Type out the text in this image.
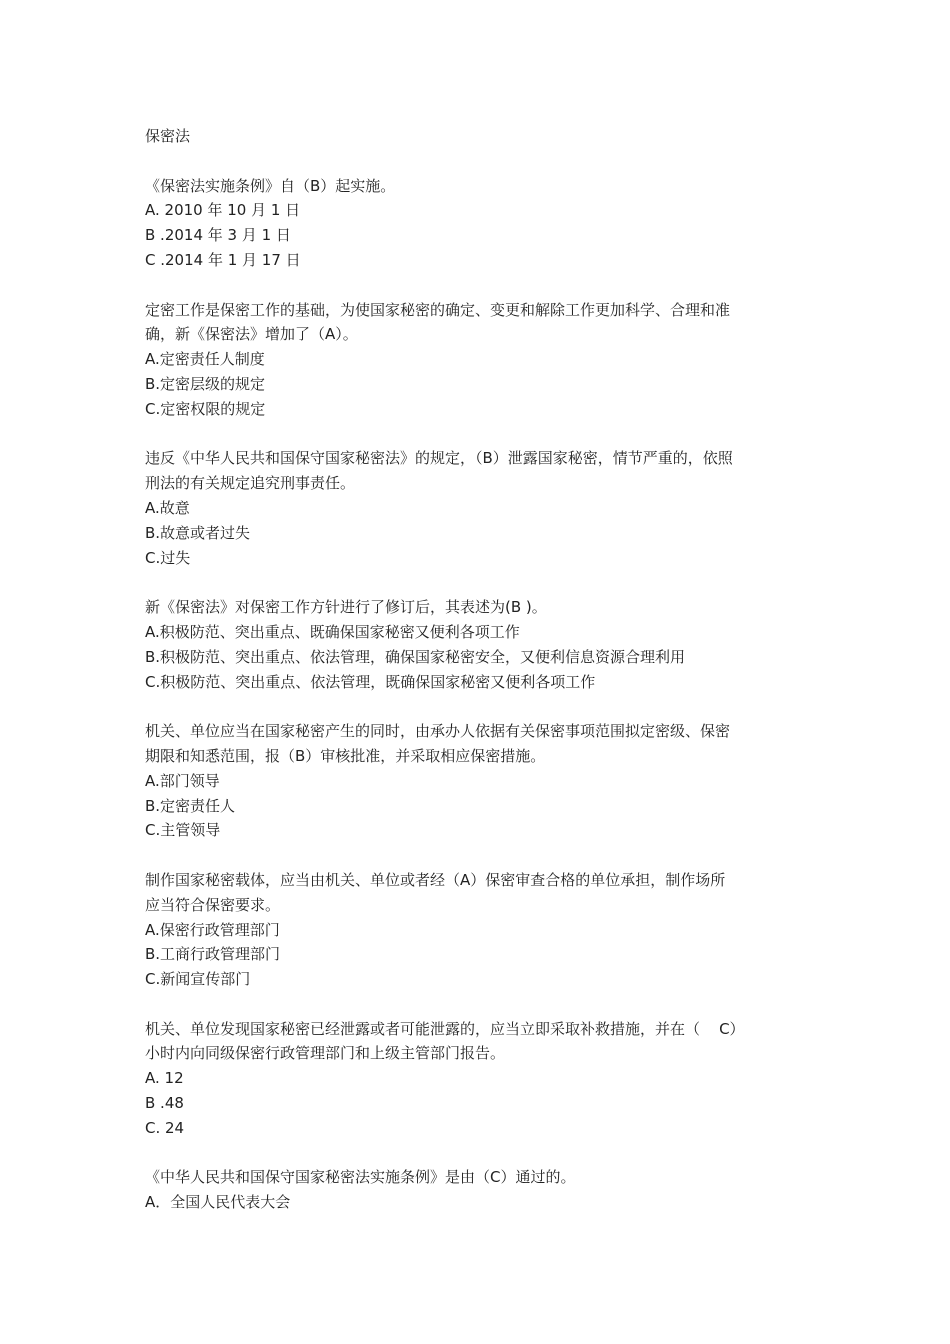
保密法

《保密法实施条例》自（B）起实施。

A. 2010 年 10 月 1 日

B .2014 年 3 月 1 日

C .2014 年 1 月 17 日

定密工作是保密工作的基础，为使国家秘密的确定、变更和解除工作更加科学、合理和准

确，新《保密法》增加了（A）。

A.定密责任人制度

B.定密层级的规定

C.定密权限的规定

违反《中华人民共和国保守国家秘密法》的规定，（B）泄露国家秘密，情节严重的，依照

刑法的有关规定追究刑事责任。

A.故意

B.故意或者过失

C.过失

新《保密法》对保密工作方针进行了修订后，其表述为(B )。

A.积极防范、突出重点、既确保国家秘密又便利各项工作

B.积极防范、突出重点、依法管理，确保国家秘密安全，又便利信息资源合理利用

C.积极防范、突出重点、依法管理，既确保国家秘密又便利各项工作

机关、单位应当在国家秘密产生的同时，由承办人依据有关保密事项范围拟定密级、保密

期限和知悉范围，报（B）审核批准，并采取相应保密措施。

A.部门领导

B.定密责任人

C.主管领导

制作国家秘密载体，应当由机关、单位或者经（A）保密审查合格的单位承担，制作场所

应当符合保密要求。

A.保密行政管理部门

B.工商行政管理部门

C.新闻宣传部门

机关、单位发现国家秘密已经泄露或者可能泄露的，应当立即采取补救措施，并在（    C）

小时内向同级保密行政管理部门和上级主管部门报告。

A. 12

B .48

C. 24

《中华人民共和国保守国家秘密法实施条例》是由（C）通过的。

A．全国人民代表大会
